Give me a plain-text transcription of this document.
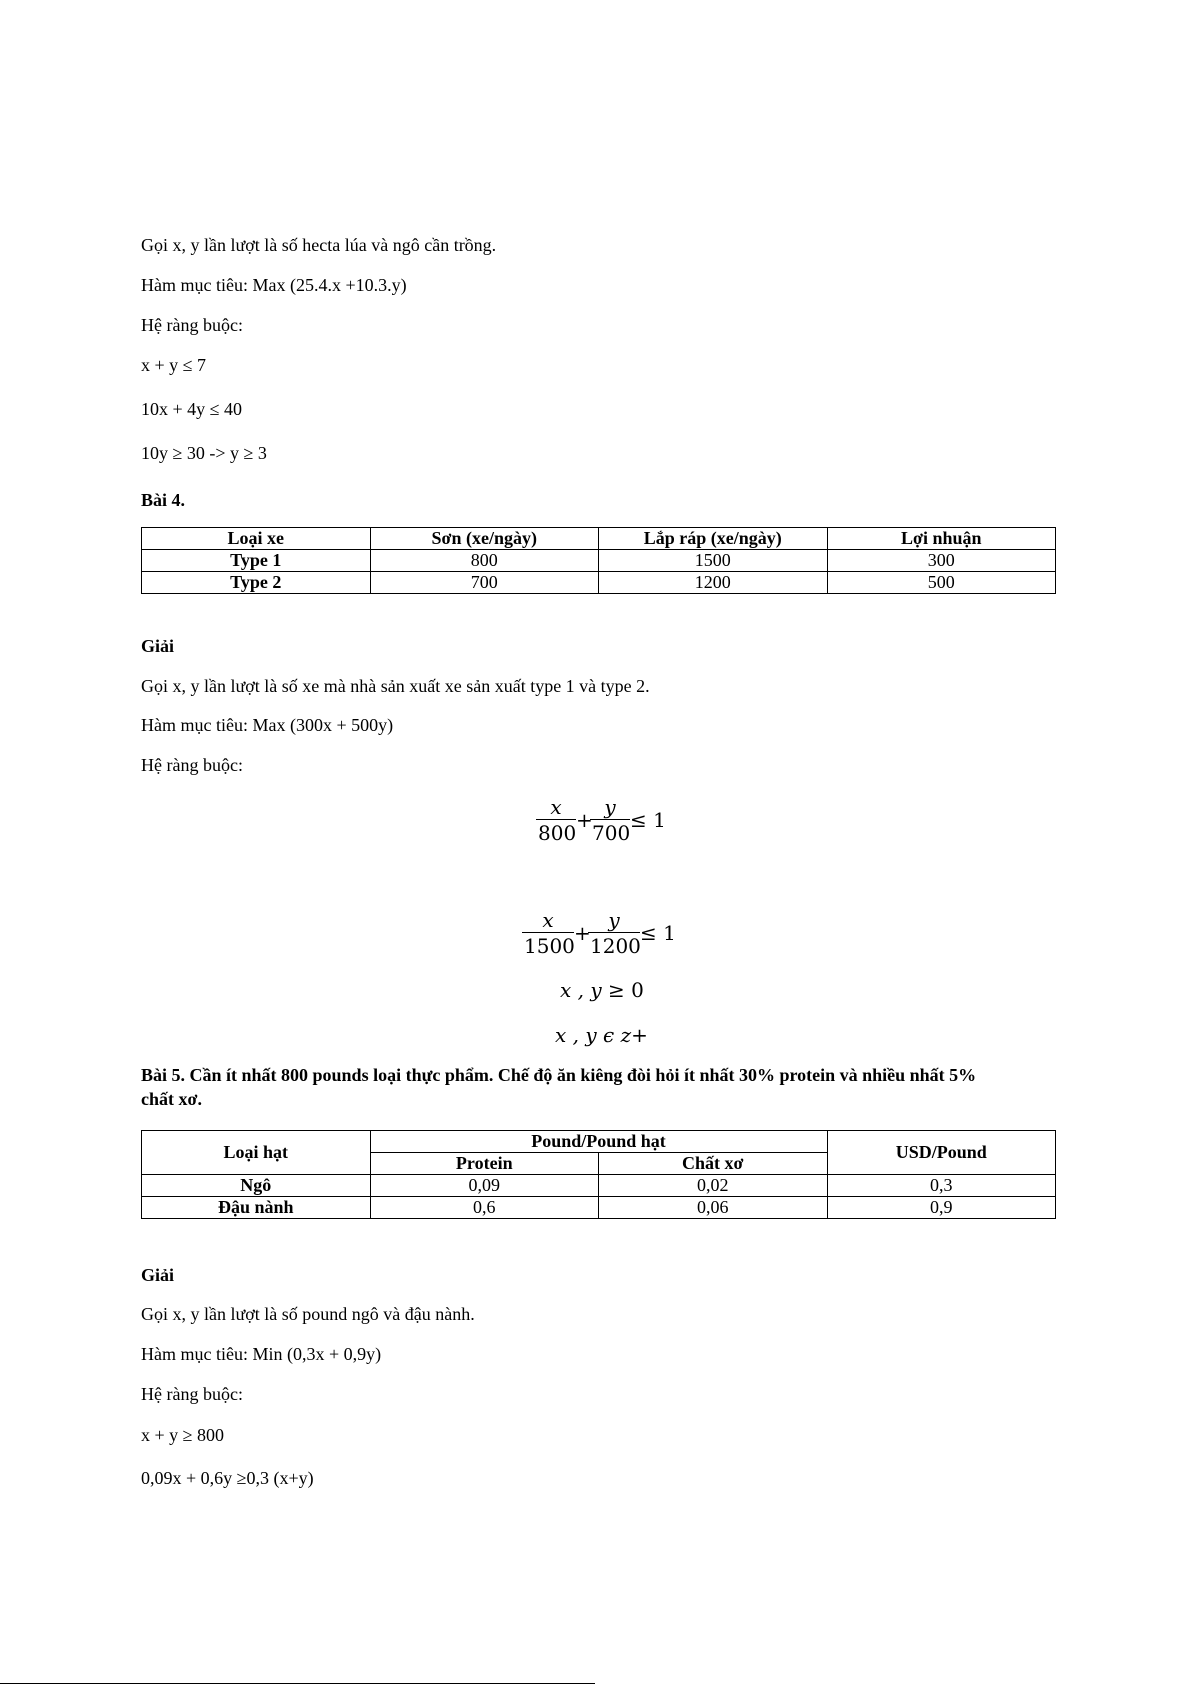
Gọi x, y lần lượt là số hecta lúa và ngô cần trồng.
Hàm mục tiêu: Max (25.4.x +10.3.y)
Hệ ràng buộc:
x + y ≤ 7
10x + 4y ≤ 40
10y ≥ 30 -> y ≥ 3
Bài 4.
Loại xe	Sơn (xe/ngày)	Lắp ráp (xe/ngày)	Lợi nhuận
Type 1	800	1500	300
Type 2	700	1200	500
Giải
Gọi x, y lần lượt là số xe mà nhà sản xuất xe sản xuất type 1 và type 2.
Hàm mục tiêu: Max (300x + 500y)
Hệ ràng buộc:
$\frac{x}{800}$ +
$\frac{y}{700} \le 1$
$\frac{x}{1500}$ +
$\frac{y}{1200} \le 1$
x , y ≥ 0
x , y ϵ z+
Bài 5. Cần ít nhất 800 pounds loại thực phẩm. Chế độ ăn kiêng đòi hỏi ít nhất 30% protein và nhiều nhất 5%
chất xơ.
Loại hạt	Pound/Pound hạt		USD/Pound
	Protein	Chất xơ	
Ngô	0,09	0,02	0,3
Đậu nành	0,6	0,06	0,9
Giải
Gọi x, y lần lượt là số pound ngô và đậu nành.
Hàm mục tiêu: Min (0,3x + 0,9y)
Hệ ràng buộc:
x + y ≥ 800
0,09x + 0,6y ≥0,3 (x+y)
